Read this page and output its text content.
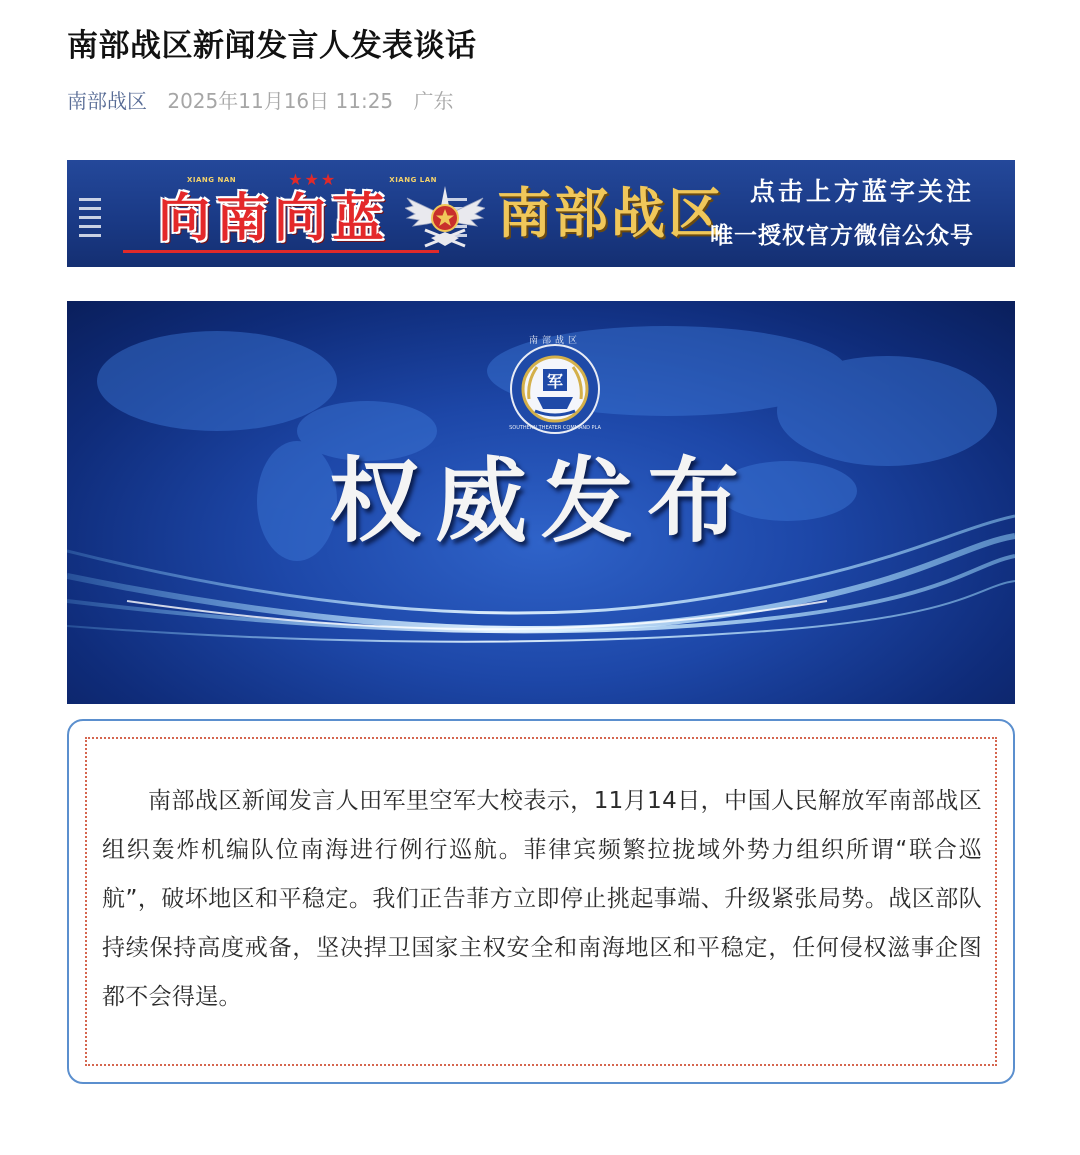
南部战区新闻发言人发表谈话
南部战区 2025年11月16日 11:25 广东
XIANG NAN	★★★	XIANG LAN
向南向蓝	南部战区 点击上方蓝字关注
唯一授权官方微信公众号
军
南部战区
SOUTHERN THEATER COMMAND PLA
权威发布
南部战区新闻发言人田军里空军大校表示，11月14日，中国人民解放军南部战区组织轰炸机编队位南海进行例行巡航。菲律宾频繁拉拢域外势力组织所谓“联合巡航”，破坏地区和平稳定。我们正告菲方立即停止挑起事端、升级紧张局势。战区部队持续保持高度戒备，坚决捍卫国家主权安全和南海地区和平稳定，任何侵权滋事企图都不会得逞。
